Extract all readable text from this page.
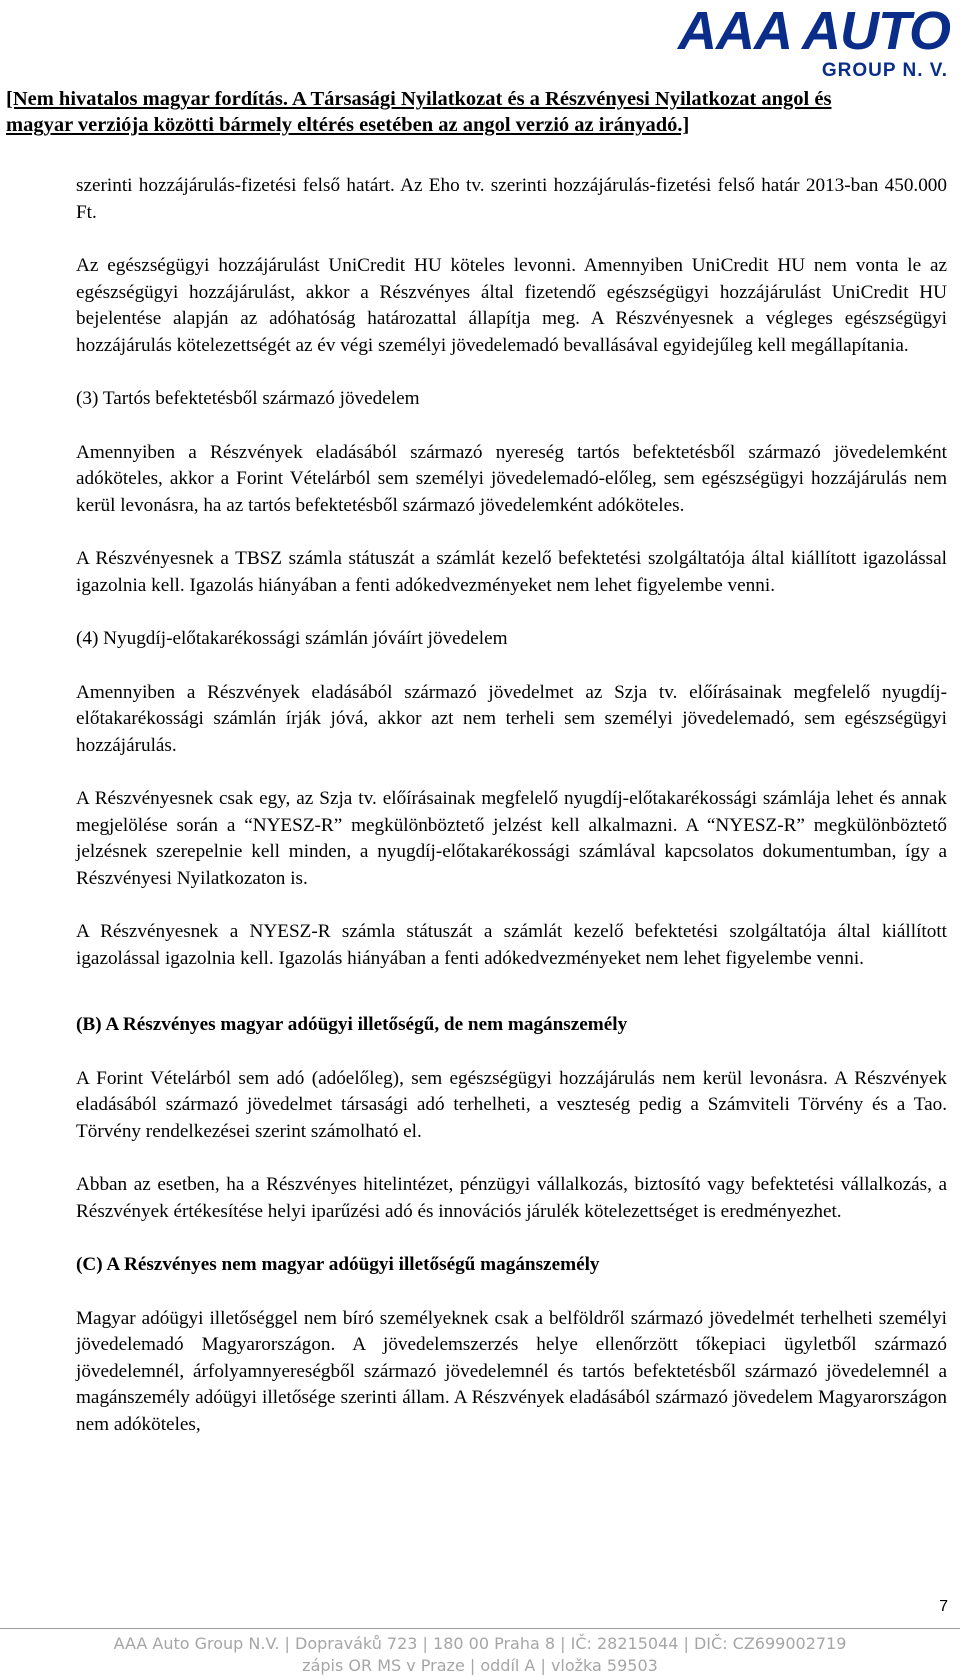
AAA AUTO
GROUP N. V.
[Nem hivatalos magyar fordítás. A Társasági Nyilatkozat és a Részvényesi Nyilatkozat angol és
magyar verziója közötti bármely eltérés esetében az angol verzió az irányadó.]

szerinti hozzájárulás-fizetési felső határt. Az Eho tv. szerinti hozzájárulás-fizetési felső határ 2013-ban 450.000 Ft.

Az egészségügyi hozzájárulást UniCredit HU köteles levonni. Amennyiben UniCredit HU nem vonta le az egészségügyi hozzájárulást, akkor a Részvényes által fizetendő egészségügyi hozzájárulást UniCredit HU bejelentése alapján az adóhatóság határozattal állapítja meg. A Részvényesnek a végleges egészségügyi hozzájárulás kötelezettségét az év végi személyi jövedelemadó bevallásával egyidejűleg kell megállapítania.

(3) Tartós befektetésből származó jövedelem

Amennyiben a Részvények eladásából származó nyereség tartós befektetésből származó jövedelemként adóköteles, akkor a Forint Vételárból sem személyi jövedelemadó-előleg, sem egészségügyi hozzájárulás nem kerül levonásra, ha az tartós befektetésből származó jövedelemként adóköteles.

A Részvényesnek a TBSZ számla státuszát a számlát kezelő befektetési szolgáltatója által kiállított igazolással igazolnia kell. Igazolás hiányában a fenti adókedvezményeket nem lehet figyelembe venni.

(4) Nyugdíj-előtakarékossági számlán jóváírt jövedelem

Amennyiben a Részvények eladásából származó jövedelmet az Szja tv. előírásainak megfelelő nyugdíj-előtakarékossági számlán írják jóvá, akkor azt nem terheli sem személyi jövedelemadó, sem egészségügyi hozzájárulás.

A Részvényesnek csak egy, az Szja tv. előírásainak megfelelő nyugdíj-előtakarékossági számlája lehet és annak megjelölése során a “NYESZ-R” megkülönböztető jelzést kell alkalmazni. A “NYESZ-R” megkülönböztető jelzésnek szerepelnie kell minden, a nyugdíj-előtakarékossági számlával kapcsolatos dokumentumban, így a Részvényesi Nyilatkozaton is.

A Részvényesnek a NYESZ-R számla státuszát a számlát kezelő befektetési szolgáltatója által kiállított igazolással igazolnia kell. Igazolás hiányában a fenti adókedvezményeket nem lehet figyelembe venni.

(B) A Részvényes magyar adóügyi illetőségű, de nem magánszemély

A Forint Vételárból sem adó (adóelőleg), sem egészségügyi hozzájárulás nem kerül levonásra. A Részvények eladásából származó jövedelmet társasági adó terhelheti, a veszteség pedig a Számviteli Törvény és a Tao. Törvény rendelkezései szerint számolható el.

Abban az esetben, ha a Részvényes hitelintézet, pénzügyi vállalkozás, biztosító vagy befektetési vállalkozás, a Részvények értékesítése helyi iparűzési adó és innovációs járulék kötelezettséget is eredményezhet.

(C) A Részvényes nem magyar adóügyi illetőségű magánszemély

Magyar adóügyi illetőséggel nem bíró személyeknek csak a belföldről származó jövedelmét terhelheti személyi jövedelemadó Magyarországon. A jövedelemszerzés helye ellenőrzött tőkepiaci ügyletből származó jövedelemnél, árfolyamnyereségből származó jövedelemnél és tartós befektetésből származó jövedelemnél a magánszemély adóügyi illetősége szerinti állam. A Részvények eladásából származó jövedelem Magyarországon nem adóköteles,

7
AAA Auto Group N.V. | Dopraváků 723 | 180 00 Praha 8 | IČ: 28215044 | DIČ: CZ699002719
zápis OR MS v Praze | oddíl A | vložka 59503
